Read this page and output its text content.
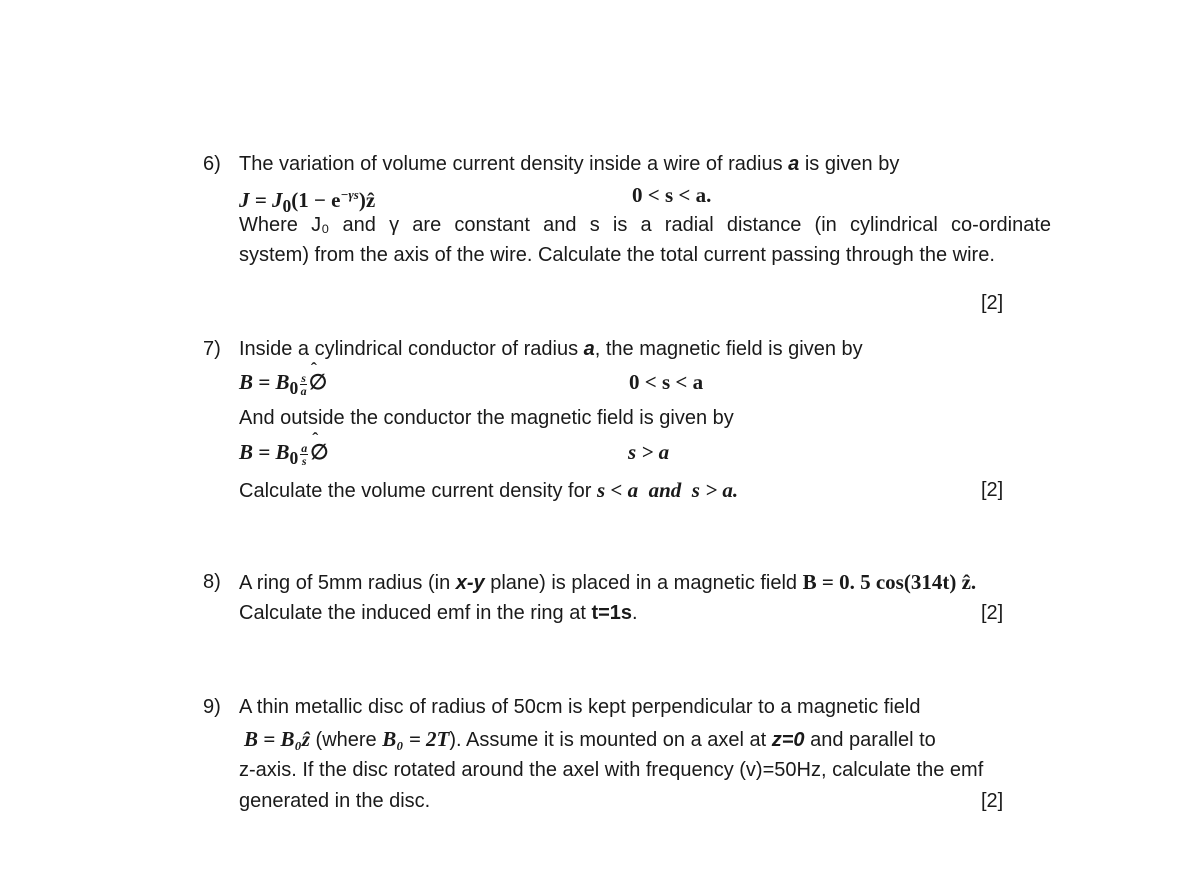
6) The variation of volume current density inside a wire of radius a is given by
$J = J_0(1$ − $e^{-\gamma s})ẑ$	0 < s < a.
Where J₀ and γ are constant and s is a radial distance (in cylindrical co-ordinate
system) from the axis of the wire. Calculate the total current passing through the wire.
[2]
7) Inside a cylindrical conductor of radius a, the magnetic field is given by
$B = B_0 \frac{s}{a}$ ˆ ∅	0 < s < a
And outside the conductor the magnetic field is given by
$B = B_0 \frac{a}{s}$ ˆ ∅	s > a
Calculate the volume current density for s < a  and  s > a.	[2]
8) A ring of 5mm radius (in x-y plane) is placed in a magnetic field B = 0. 5 cos(314t) ẑ.
Calculate the induced emf in the ring at t=1s.	[2]
9) A thin metallic disc of radius of 50cm is kept perpendicular to a magnetic field
B = B₀ẑ (where B₀ = 2T). Assume it is mounted on a axel at z=0 and parallel to
z-axis. If the disc rotated around the axel with frequency (v)=50Hz, calculate the emf
generated in the disc.	[2]
